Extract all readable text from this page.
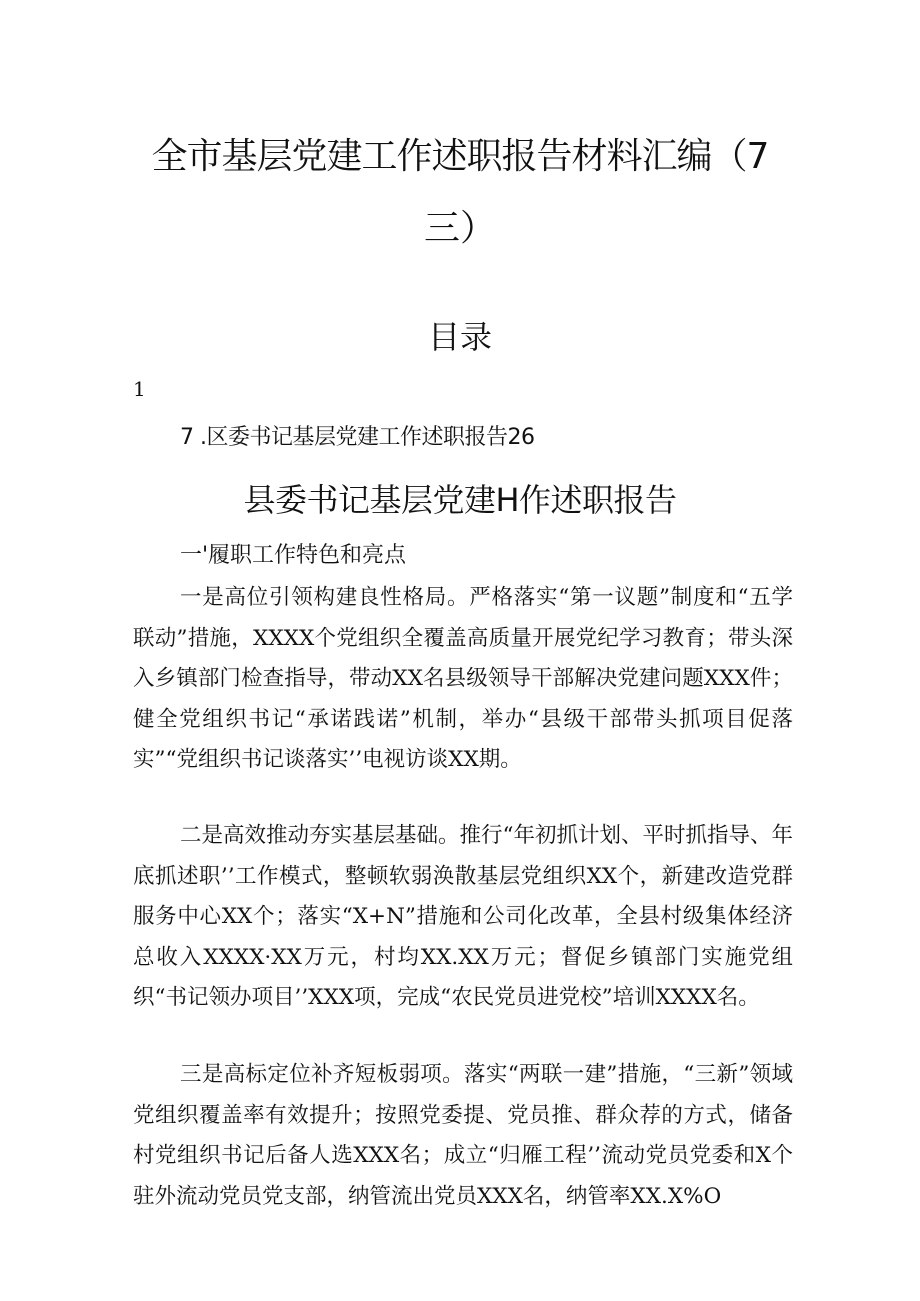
全市基层党建工作述职报告材料汇编（7
三）
目录
1
7 .区委书记基层党建工作述职报告26
县委书记基层党建H作述职报告
一'履职工作特色和亮点

一是高位引领构建良性格局。严格落实“第一议题”制度和“五学联动”措施，XXXX个党组织全覆盖高质量开展党纪学习教育；带头深入乡镇部门检查指导，带动XX名县级领导干部解决党建问题XXX件；健全党组织书记“承诺践诺”机制，举办“县级干部带头抓项目促落实”“党组织书记谈落实’’电视访谈XX期。

二是高效推动夯实基层基础。推行“年初抓计划、平时抓指导、年底抓述职’’工作模式，整顿软弱涣散基层党组织XX个，新建改造党群服务中心XX个；落实“X+N”措施和公司化改革，全县村级集体经济总收入XXXX·XX万元，村均XX.XX万元；督促乡镇部门实施党组织“书记领办项目’’XXX项，完成“农民党员进党校”培训XXXX名。

三是高标定位补齐短板弱项。落实“两联一建”措施，“三新”领域党组织覆盖率有效提升；按照党委提、党员推、群众荐的方式，储备村党组织书记后备人选XXX名；成立“归雁工程’’流动党员党委和X个驻外流动党员党支部，纳管流出党员XXX名，纳管率XX.X%O
